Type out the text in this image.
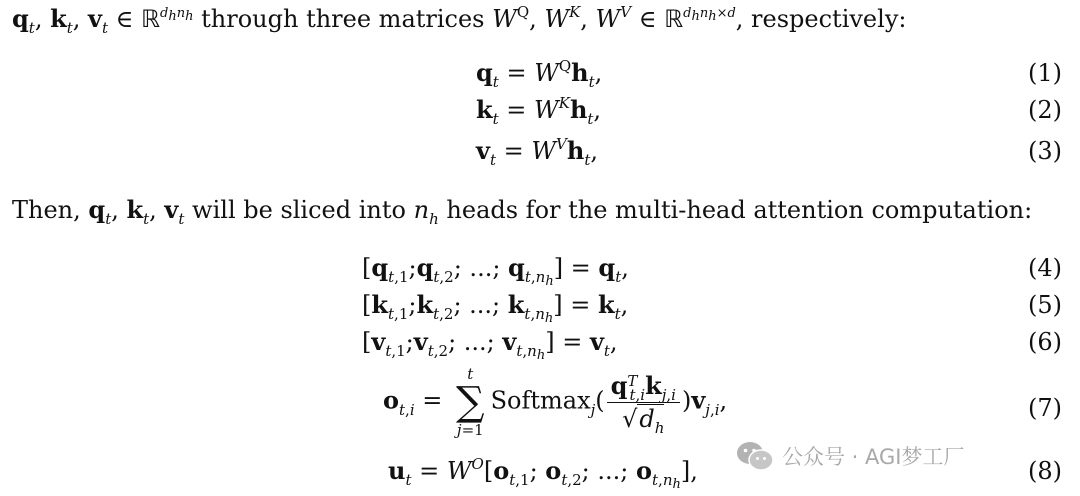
$q_t$, $k_t$, $v_t$ ∈ ℝ$^{d_hn_h}$ through three matrices $W^Q$, $W^K$, $W^V$ ∈ ℝ$^{d_hn_h\times d}$, respectively:
$q_t = W^Qh_t$,	(1)
$k_t = W^Kh_t$,	(2)
$v_t = W^Vh_t$,	(3)
Then, $q_t$, $k_t$, $v_t$ will be sliced into $n_h$ heads for the multi-head attention computation:
[$q_{t,1};q_{t,2}$; ...; $q_{t,n_h}] = q_t$,	(4)
[$k_{t,1};k_{t,2}$; ...; $k_{t,n_h}] = k_t$,	(5)
[$v_{t,1};v_{t,2}$; ...; $v_{t,n_h}] = v_t$,	(6)
$o_{t,i}$ =
t
∑
j=1
Softmax$_j$( $\frac{q^T_{t,i}k_{j,i}}{√d_h} )v_{j,i}$,	(7)
$u_t = W^O[o_{t,1}$; $o_{t,2}$; ...; $o_{t,n_h}$],	(8)
公众号 · AGI梦工厂
